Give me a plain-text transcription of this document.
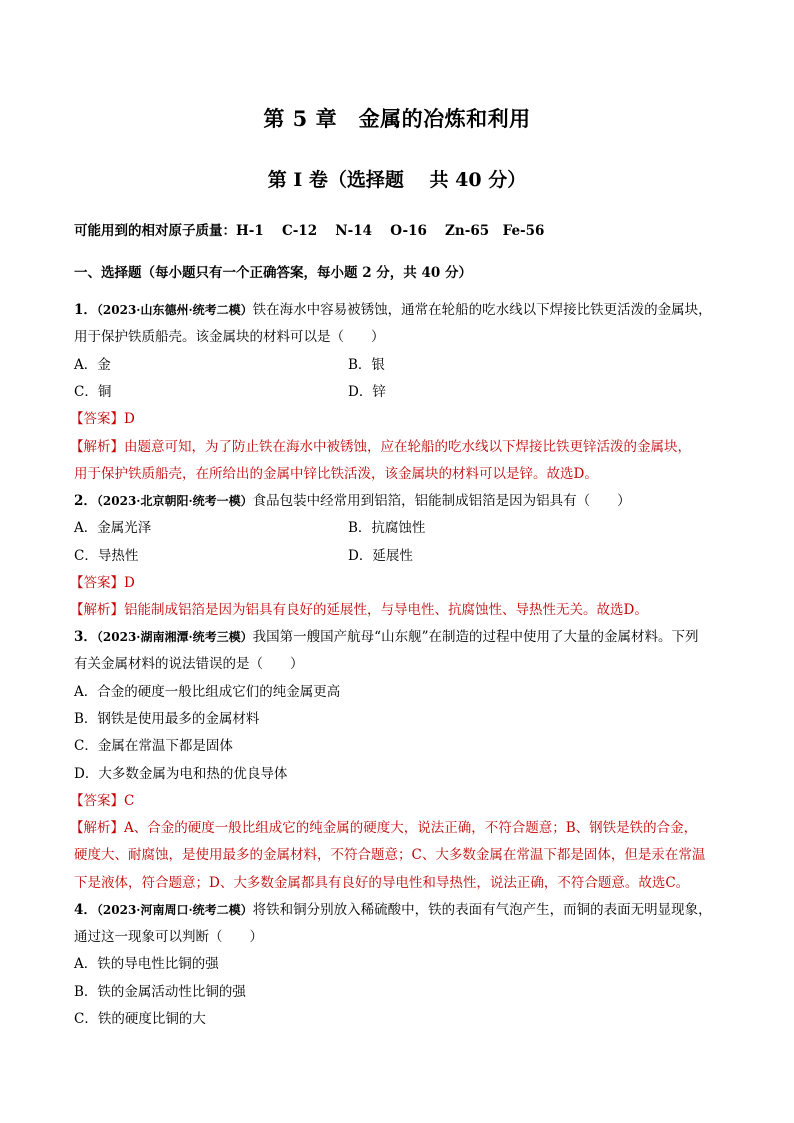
第 5 章　金属的冶炼和利用
第 I 卷（选择题　 共 40 分）
可能用到的相对原子质量：H-1　 C-12　 N-14　 O-16　 Zn-65　Fe-56
一、选择题（每小题只有一个正确答案，每小题 2 分，共 40 分）
1．（2023·山东德州·统考二模）铁在海水中容易被锈蚀，通常在轮船的吃水线以下焊接比铁更活泼的金属块，
用于保护铁质船壳。该金属块的材料可以是（　　）
A．金	B．银
C．铜	D．锌
【答案】D
【解析】由题意可知，为了防止铁在海水中被锈蚀，应在轮船的吃水线以下焊接比铁更锌活泼的金属块，
用于保护铁质船壳，在所给出的金属中锌比铁活泼，该金属块的材料可以是锌。故选D。
2．（2023·北京朝阳·统考一模）食品包装中经常用到铝箔，铝能制成铝箔是因为铝具有（　　）
A．金属光泽	B．抗腐蚀性
C．导热性	D．延展性
【答案】D
【解析】铝能制成铝箔是因为铝具有良好的延展性，与导电性、抗腐蚀性、导热性无关。故选D。
3．（2023·湖南湘潭·统考三模）我国第一艘国产航母“山东舰”在制造的过程中使用了大量的金属材料。下列
有关金属材料的说法错误的是（　　）
A．合金的硬度一般比组成它们的纯金属更高
B．钢铁是使用最多的金属材料
C．金属在常温下都是固体
D．大多数金属为电和热的优良导体
【答案】C
【解析】A、合金的硬度一般比组成它的纯金属的硬度大，说法正确，不符合题意；B、钢铁是铁的合金，
硬度大、耐腐蚀，是使用最多的金属材料，不符合题意；C、大多数金属在常温下都是固体，但是汞在常温
下是液体，符合题意；D、大多数金属都具有良好的导电性和导热性，说法正确，不符合题意。故选C。
4．（2023·河南周口·统考二模）将铁和铜分别放入稀硫酸中，铁的表面有气泡产生，而铜的表面无明显现象，
通过这一现象可以判断（　　）
A．铁的导电性比铜的强
B．铁的金属活动性比铜的强
C．铁的硬度比铜的大
